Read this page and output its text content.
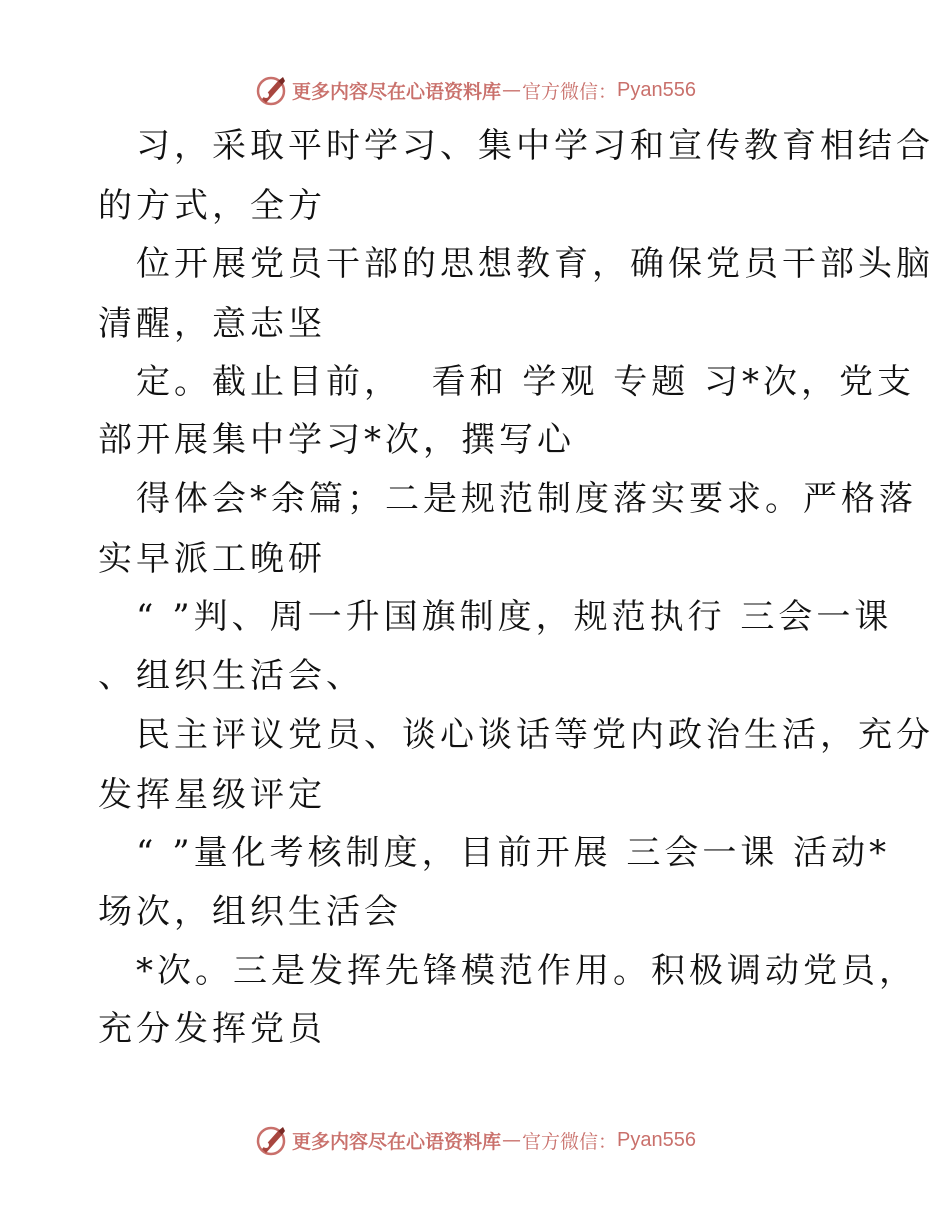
更多内容尽在心语资料库 — 官方微信： Pyan556
　习，采取平时学习、集中学习和宣传教育相结合
的方式，全方
　位开展党员干部的思想教育，确保党员干部头脑
清醒，意志坚
　定。截止目前，  看和 学观 专题 习*次，党支
部开展集中学习*次，撰写心
　得体会*余篇；二是规范制度落实要求。严格落
实早派工晚研
　“ ”判、周一升国旗制度，规范执行 三会一课
、组织生活会、
　民主评议党员、谈心谈话等党内政治生活，充分
发挥星级评定
　“ ”量化考核制度，目前开展 三会一课 活动*
场次，组织生活会
　*次。三是发挥先锋模范作用。积极调动党员，
充分发挥党员
更多内容尽在心语资料库 — 官方微信： Pyan556
